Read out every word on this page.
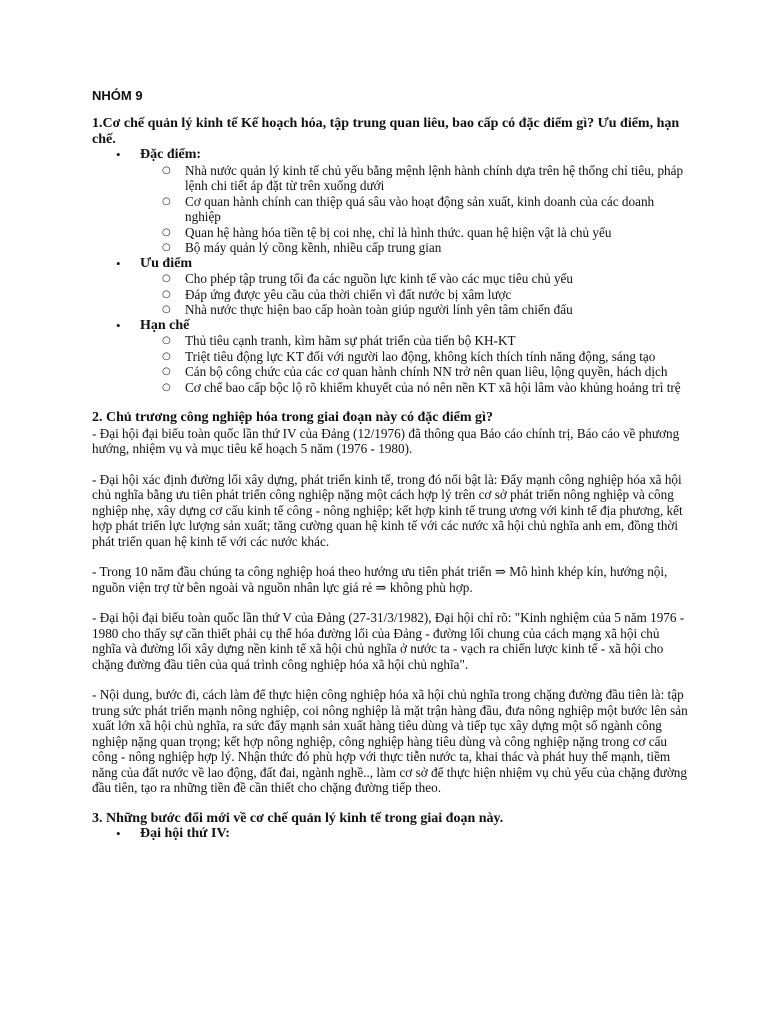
NHÓM 9

1.Cơ chế quản lý kinh tế Kế hoạch hóa, tập trung quan liêu, bao cấp có đặc điểm gì? Ưu điểm, hạn chế.

• Đặc điểm:
○ Nhà nước quản lý kinh tế chủ yếu bằng mệnh lệnh hành chính dựa trên hệ thống chỉ tiêu, pháp lệnh chi tiết áp đặt từ trên xuống dưới
○ Cơ quan hành chính can thiệp quá sâu vào hoạt động sản xuất, kinh doanh của các doanh nghiệp
○ Quan hệ hàng hóa tiền tệ bị coi nhẹ, chỉ là hình thức. quan hệ hiện vật là chủ yếu
○ Bộ máy quản lý cồng kềnh, nhiều cấp trung gian
• Ưu điểm
○ Cho phép tập trung tối đa các nguồn lực kinh tế vào các mục tiêu chủ yếu
○ Đáp ứng được yêu cầu của thời chiến vì đất nước bị xâm lược
○ Nhà nước thực hiện bao cấp hoàn toàn giúp người lính yên tâm chiến đấu
• Hạn chế
○ Thủ tiêu cạnh tranh, kìm hãm sự phát triển của tiến bộ KH-KT
○ Triệt tiêu động lực KT đối với người lao động, không kích thích tính năng động, sáng tạo
○ Cán bộ công chức của các cơ quan hành chính NN trở nên quan liêu, lộng quyền, hách dịch
○ Cơ chế bao cấp bộc lộ rõ khiếm khuyết của nó nên nền KT xã hội lâm vào khủng hoảng trì trệ

2. Chủ trương công nghiệp hóa trong giai đoạn này có đặc điểm gì?

- Đại hội đại biểu toàn quốc lần thứ IV của Đảng (12/1976) đã thông qua Báo cáo chính trị, Báo cáo về phương hướng, nhiệm vụ và mục tiêu kế hoạch 5 năm (1976 - 1980).

- Đại hội xác định đường lối xây dựng, phát triển kinh tế, trong đó nổi bật là: Đẩy mạnh công nghiệp hóa xã hội chủ nghĩa bằng ưu tiên phát triển công nghiệp nặng một cách hợp lý trên cơ sở phát triển nông nghiệp và công nghiệp nhẹ, xây dựng cơ cấu kinh tế công - nông nghiệp; kết hợp kinh tế trung ương với kinh tế địa phương, kết hợp phát triển lực lượng sản xuất; tăng cường quan hệ kinh tế với các nước xã hội chủ nghĩa anh em, đồng thời phát triển quan hệ kinh tế với các nước khác.

- Trong 10 năm đầu chúng ta công nghiệp hoá theo hướng ưu tiên phát triển ⇒ Mô hình khép kín, hướng nội, nguồn viện trợ từ bên ngoài và nguồn nhân lực giá rẻ ⇒ không phù hợp.

- Đại hội đại biểu toàn quốc lần thứ V của Đảng (27-31/3/1982), Đại hội chỉ rõ: "Kinh nghiệm của 5 năm 1976 - 1980 cho thấy sự cần thiết phải cụ thể hóa đường lối của Đảng - đường lối chung của cách mạng xã hội chủ nghĩa và đường lối xây dựng nền kinh tế xã hội chủ nghĩa ở nước ta - vạch ra chiến lược kinh tế - xã hội cho chặng đường đầu tiên của quá trình công nghiệp hóa xã hội chủ nghĩa".

- Nội dung, bước đi, cách làm để thực hiện công nghiệp hóa xã hội chủ nghĩa trong chặng đường đầu tiên là: tập trung sức phát triển mạnh nông nghiệp, coi nông nghiệp là mặt trận hàng đầu, đưa nông nghiệp một bước lên sản xuất lớn xã hội chủ nghĩa, ra sức đẩy mạnh sản xuất hàng tiêu dùng và tiếp tục xây dựng một số ngành công nghiệp nặng quan trọng; kết hợp nông nghiệp, công nghiệp hàng tiêu dùng và công nghiệp nặng trong cơ cấu công - nông nghiệp hợp lý. Nhận thức đó phù hợp với thực tiễn nước ta, khai thác và phát huy thế mạnh, tiềm năng của đất nước về lao động, đất đai, ngành nghề.., làm cơ sở để thực hiện nhiệm vụ chủ yếu của chặng đường đầu tiên, tạo ra những tiền đề cần thiết cho chặng đường tiếp theo.

3. Những bước đổi mới về cơ chế quản lý kinh tế trong giai đoạn này.

• Đại hội thứ IV:
